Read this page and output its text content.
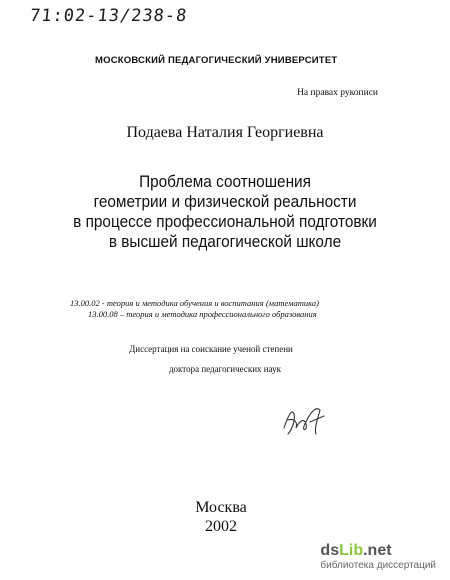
71:02-13/238-8
МОСКОВСКИЙ ПЕДАГОГИЧЕСКИЙ УНИВЕРСИТЕТ
На правах рукописи
Подаева Наталия Георгиевна
Проблема соотношения
геометрии и физической реальности
в процессе профессиональной подготовки
в высшей педагогической школе
13.00.02 - теория и методика обучения и воспитания (математика)
13.00.08 – теория и методика профессионального образования
Диссертация на соискание ученой степени
доктора педагогических наук
Москва
2002
dsLib.net
библиотека диссертаций
